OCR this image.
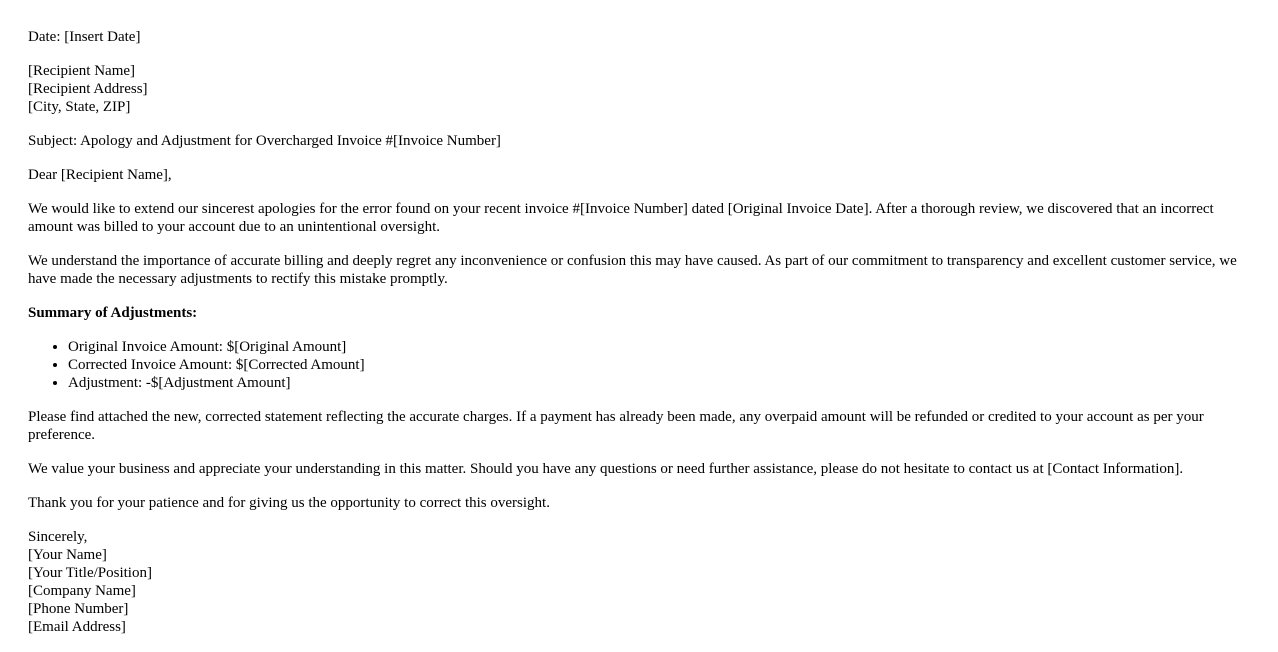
Date: [Insert Date]

[Recipient Name]
[Recipient Address]
[City, State, ZIP]

Subject: Apology and Adjustment for Overcharged Invoice #[Invoice Number]

Dear [Recipient Name],

We would like to extend our sincerest apologies for the error found on your recent invoice #[Invoice Number] dated [Original Invoice Date]. After a thorough review, we discovered that an incorrect amount was billed to your account due to an unintentional oversight.

We understand the importance of accurate billing and deeply regret any inconvenience or confusion this may have caused. As part of our commitment to transparency and excellent customer service, we have made the necessary adjustments to rectify this mistake promptly.

Summary of Adjustments:

• Original Invoice Amount: $[Original Amount]
• Corrected Invoice Amount: $[Corrected Amount]
• Adjustment: -$[Adjustment Amount]

Please find attached the new, corrected statement reflecting the accurate charges. If a payment has already been made, any overpaid amount will be refunded or credited to your account as per your preference.

We value your business and appreciate your understanding in this matter. Should you have any questions or need further assistance, please do not hesitate to contact us at [Contact Information].

Thank you for your patience and for giving us the opportunity to correct this oversight.

Sincerely,
[Your Name]
[Your Title/Position]
[Company Name]
[Phone Number]
[Email Address]
